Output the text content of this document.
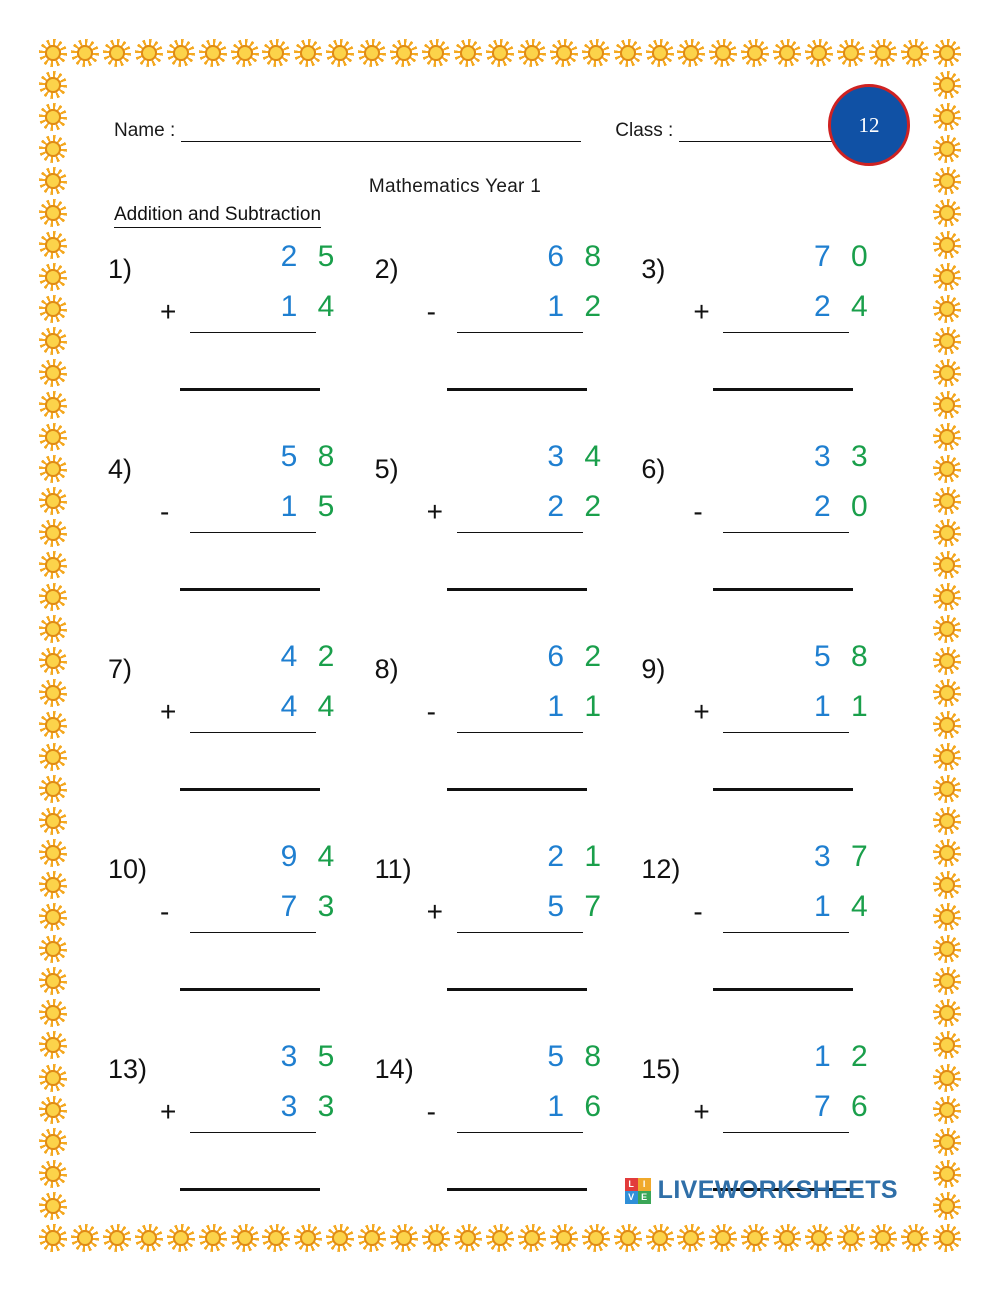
Name :	Class :	12
Mathematics Year 1
Addition and Subtraction
1)	2 5
1 4
+
2)	6 8
1 2
-
3)	7 0
2 4
+
4)	5 8
1 5
-
5)	3 4
2 2
+
6)	3 3
2 0
-
7)	4 2
4 4
+
8)	6 2
1 1
-
9)	5 8
1 1
+
10)	9 4
7 3
-
11)	2 1
5 7
+
12)	3 7
1 4
-
13)	3 5
3 3
+
14)	5 8
1 6
-
15)	1 2
7 6
+
L I
V E LIVEWORKSHEETS
